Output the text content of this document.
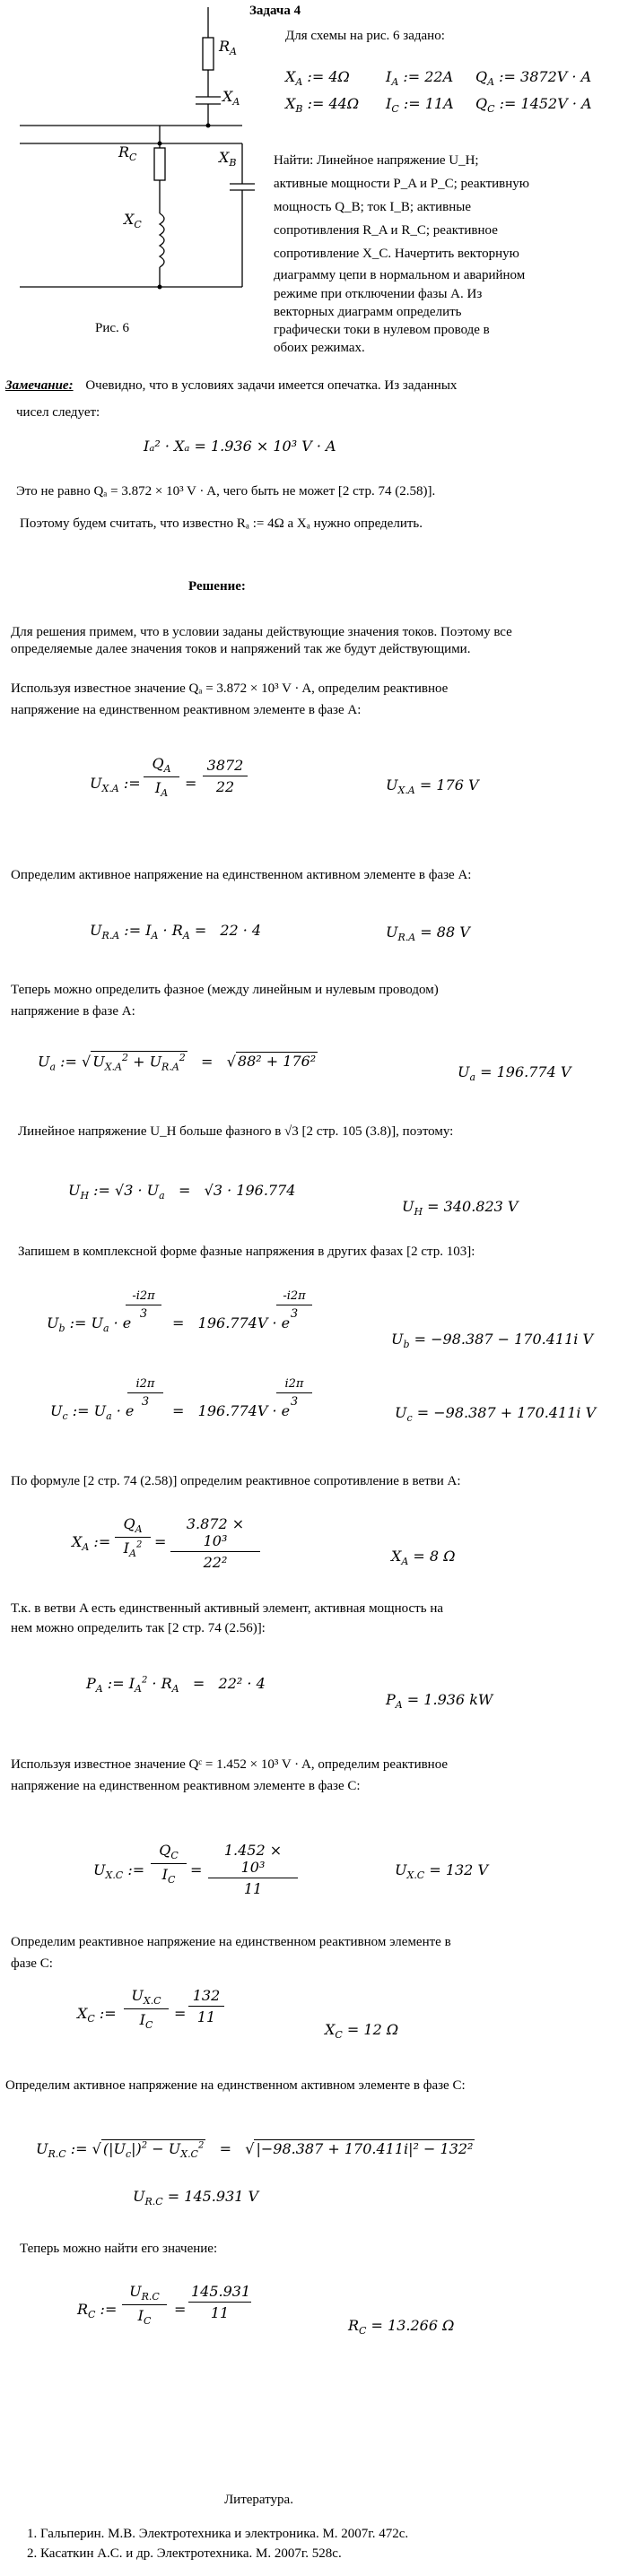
$R_A$
$X_A$
$R_C$	$X_B$
$X_C$
Рис. 6
Задача 4
Для схемы на рис. 6 задано:
$X_A$ := 4Ω	$I_A$ := 22A $Q_A$ := 3872V · A
$X_B$ := 44Ω $I_C$ := 11A $Q_C$ := 1452V · A
Найти: Линейное напряжение U_H;
активные мощности P_A и P_C; реактивную
мощность Q_B; ток I_B; активные
сопротивления R_A и R_C; реактивное
сопротивление X_C. Начертить векторную
диаграмму цепи в нормальном и аварийном
режиме при отключении фазы А. Из
векторных диаграмм определить
графически токи в нулевом проводе в
обоих режимах.
Замечание: Очевидно, что в условиях задачи имеется опечатка. Из заданных
чисел следует:
Iₐ² · Xₐ = 1.936 × 10³ V · A
Это не равно Qₐ = 3.872 × 10³ V · A, чего быть не может [2 стр. 74 (2.58)].
Поэтому будем считать, что известно Rₐ := 4Ω а Xₐ нужно определить.
Решение:
Для решения примем, что в условии заданы действующие значения токов. Поэтому все определяемые далее значения токов и напряжений так же будут действующими.
Используя известное значение Qₐ = 3.872 × 10³ V · A, определим реактивное
напряжение на единственном реактивном элементе в фазе A:
$U_{X.A}$ :=
$Q_A$
$I_A$
=
3872
22	$U_{X.A} = 176$ V
Определим активное напряжение на единственном активном элементе в фазе A:
$U_{R.A}$ := $I_A \cdot R_A = 22 \cdot 4$	$U_{R.A} = 88$ V
Теперь можно определить фазное (между линейным и нулевым проводом)
напряжение в фазе A:
$U_a$ := √ $U_{X.A}^2 + U_{R.A}^2$   =   √ 88² + 176²
$U_a = 196.774$ V
Линейное напряжение U_H больше фазного в √3 [2 стр. 105 (3.8)], поэтому:
$U_H$ := $√3 \cdot U_a = √3 \cdot 196.774$
$U_H = 340.823$ V
Запишем в комплексной форме фазные напряжения в других фазах [2 стр. 103]:
$U_b$ := $U_a \cdot e$
-i2π
3
=   196.774V · e
-i2π
3
$U_b = -98.387 - 170.411i$ V
$U_c$ := $U_a \cdot e$
i2π
3
=   196.774V · e
i2π
3
$U_c = -98.387 + 170.411i$ V
По формуле [2 стр. 74 (2.58)] определим реактивное сопротивление в ветви A:
$X_A$ :=
$Q_A$
$I_A^2$ =
3.872 × 10³
22²	$X_A = 8$ Ω
Т.к. в ветви A есть единственный активный элемент, активная мощность на
нем можно определить так [2 стр. 74 (2.56)]:
$P_A$ := $I_A^2 \cdot R_A = 22^2 \cdot 4$
$P_A = 1.936$ kW
Используя известное значение Qᶜ = 1.452 × 10³ V · A, определим реактивное
напряжение на единственном реактивном элементе в фазе C:
$U_{X.C}$ :=
$Q_C$
$I_C$
=
1.452 × 10³
11
$U_{X.C} = 132$ V
Определим реактивное напряжение на единственном реактивном элементе в
фазе C:
$X_C$ :=
$U_{X.C}$
$I_C$
=
132
11
$X_C = 12$ Ω
Определим активное напряжение на единственном активном элементе в фазе C:
$U_{R.C}$ := √ $(|U_c|)^2 - U_{X.C}^2$   =   √ |−98.387 + 170.411i|² − 132²
$U_{R.C} = 145.931$ V
Теперь можно найти его значение:
$R_C$ :=
$U_{R.C}$
$I_C$
=
145.931
11
$R_C = 13.266$ Ω
Литература.
1. Гальперин. М.В. Электротехника и электроника. М. 2007г. 472с.
2. Касаткин А.С. и др. Электротехника. М. 2007г. 528с.
